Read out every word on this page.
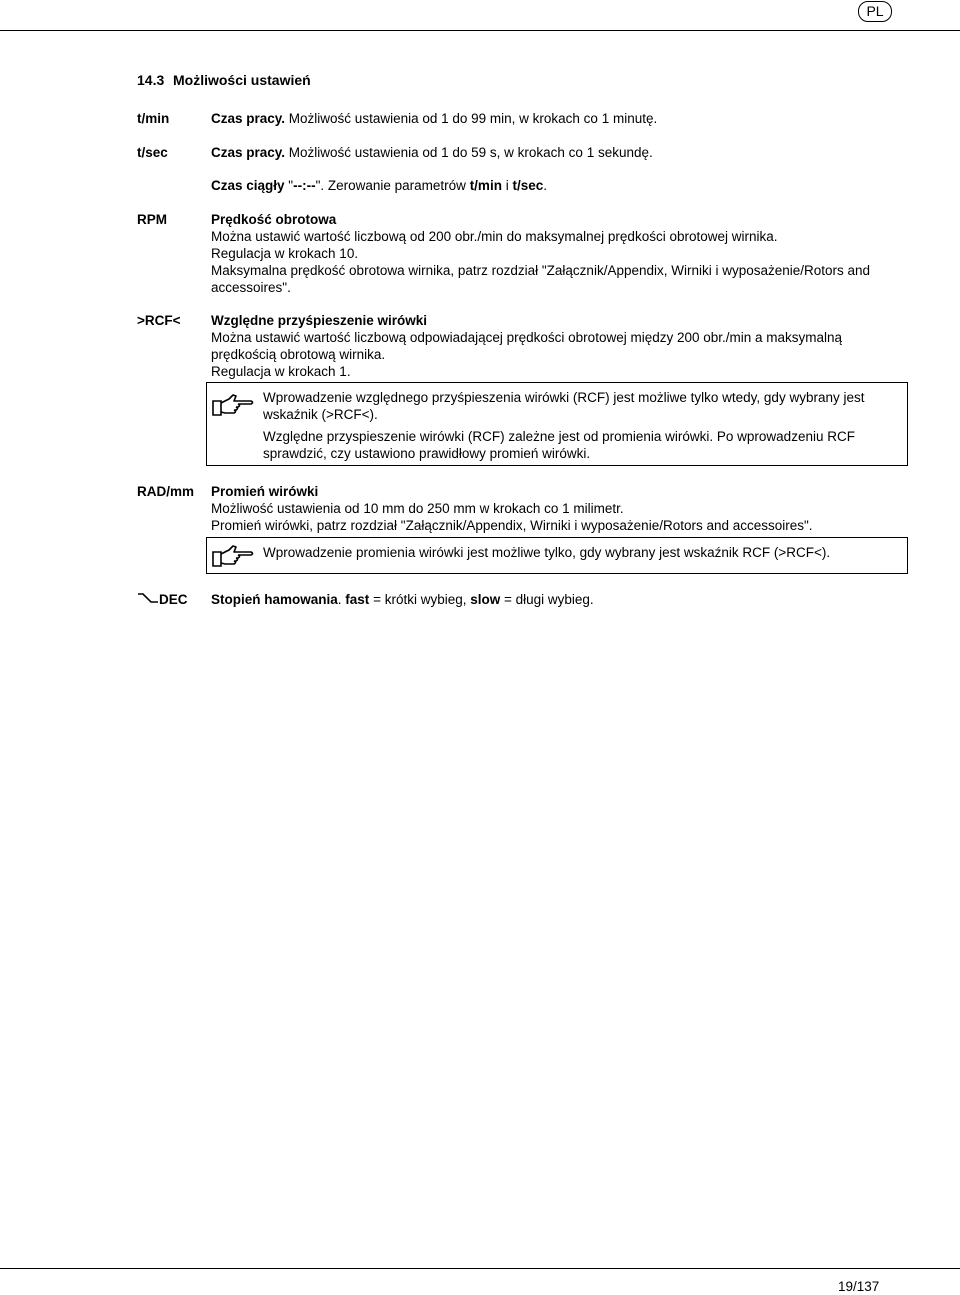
PL
14.3 Możliwości ustawień
t/min	Czas pracy. Możliwość ustawienia od 1 do 99 min, w krokach co 1 minutę.
t/sec	Czas pracy. Możliwość ustawienia od 1 do 59 s, w krokach co 1 sekundę.
Czas ciągły "--:--". Zerowanie parametrów t/min i t/sec.
RPM	Prędkość obrotowa
Można ustawić wartość liczbową od 200 obr./min do maksymalnej prędkości obrotowej wirnika.
Regulacja w krokach 10.
Maksymalna prędkość obrotowa wirnika, patrz rozdział "Załącznik/Appendix, Wirniki i wyposażenie/Rotors and accessoires".
>RCF< Względne przyśpieszenie wirówki
Można ustawić wartość liczbową odpowiadającej prędkości obrotowej między 200 obr./min a maksymalną prędkością obrotową wirnika.
Regulacja w krokach 1.
Wprowadzenie względnego przyśpieszenia wirówki (RCF) jest możliwe tylko wtedy, gdy wybrany jest wskaźnik (>RCF<).
Względne przyspieszenie wirówki (RCF) zależne jest od promienia wirówki. Po wprowadzeniu RCF sprawdzić, czy ustawiono prawidłowy promień wirówki.
RAD/mm Promień wirówki
Możliwość ustawienia od 10 mm do 250 mm w krokach co 1 milimetr.
Promień wirówki, patrz rozdział "Załącznik/Appendix, Wirniki i wyposażenie/Rotors and accessoires".
Wprowadzenie promienia wirówki jest możliwe tylko, gdy wybrany jest wskaźnik RCF (>RCF<).
DEC Stopień hamowania. fast = krótki wybieg, slow = długi wybieg.
19/137
